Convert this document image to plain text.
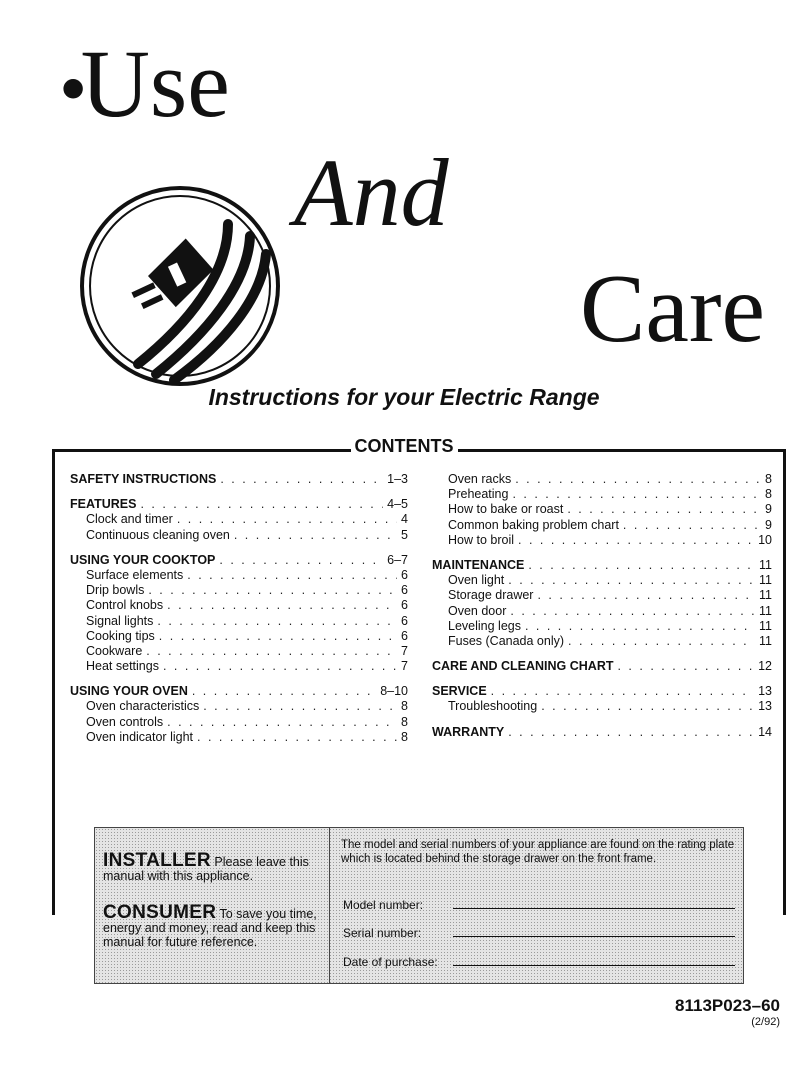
•Use
And
Care
Instructions for your Electric Range
CONTENTS
SAFETY INSTRUCTIONS . . .	1–3
FEATURES . . .	4–5
Clock and timer . . .	4
Continuous cleaning oven . . .	5
USING YOUR COOKTOP . . .	6–7
Surface elements . . .	6
Drip bowls . . .	6
Control knobs . . .	6
Signal lights . . .	6
Cooking tips . . .	6
Cookware . . .	7
Heat settings . . .	7
USING YOUR OVEN . . .	8–10
Oven characteristics . . .	8
Oven controls . . .	8
Oven indicator light . . .	8
Oven racks . . .	8
Preheating . . .	8
How to bake or roast . . .	9
Common baking problem chart . . .	9
How to broil . . .	10
MAINTENANCE . . .	11
Oven light . . .	11
Storage drawer . . .	11
Oven door . . .	11
Leveling legs . . .	11
Fuses (Canada only) . . .	11
CARE AND CLEANING CHART . . .	12
SERVICE . . .	13
Troubleshooting . . .	13
WARRANTY . . .	14
INSTALLER Please leave this manual with this appliance.
CONSUMER To save you time, energy and money, read and keep this manual for future reference.
The model and serial numbers of your appliance are found on the rating plate which is located behind the storage drawer on the front frame.
Model number:
Serial number:
Date of purchase:
8113P023–60
(2/92)
